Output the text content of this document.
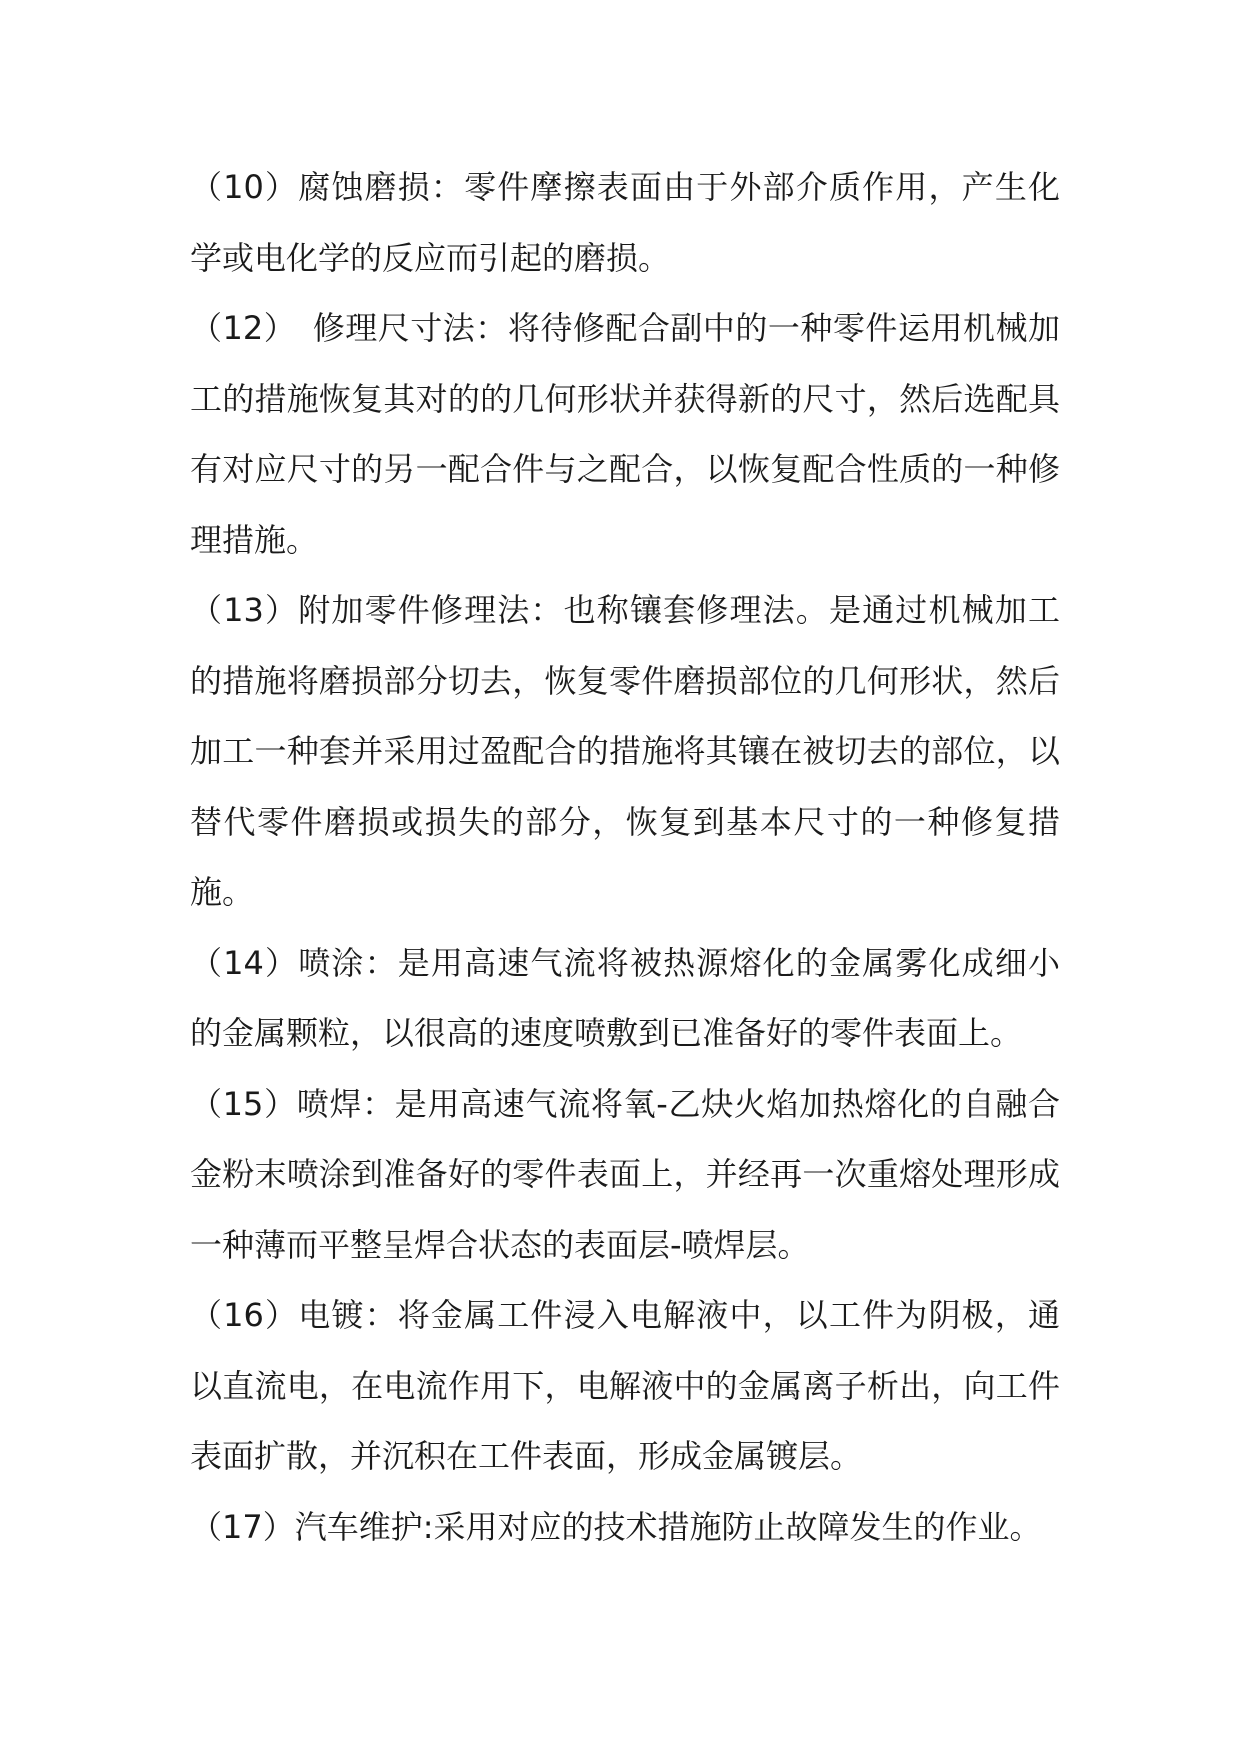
（10）腐蚀磨损：零件摩擦表面由于外部介质作用，产生化学或电化学的反应而引起的磨损。

（12）　修理尺寸法：将待修配合副中的一种零件运用机械加工的措施恢复其对的的几何形状并获得新的尺寸，然后选配具有对应尺寸的另一配合件与之配合，以恢复配合性质的一种修理措施。

（13）附加零件修理法：也称镶套修理法。是通过机械加工的措施将磨损部分切去，恢复零件磨损部位的几何形状，然后加工一种套并采用过盈配合的措施将其镶在被切去的部位，以替代零件磨损或损失的部分，恢复到基本尺寸的一种修复措施。

（14）喷涂：是用高速气流将被热源熔化的金属雾化成细小的金属颗粒，以很高的速度喷敷到已准备好的零件表面上。

（15）喷焊：是用高速气流将氧-乙炔火焰加热熔化的自融合金粉末喷涂到准备好的零件表面上，并经再一次重熔处理形成一种薄而平整呈焊合状态的表面层-喷焊层。

（16）电镀：将金属工件浸入电解液中，以工件为阴极，通以直流电，在电流作用下，电解液中的金属离子析出，向工件表面扩散，并沉积在工件表面，形成金属镀层。

（17）汽车维护:采用对应的技术措施防止故障发生的作业。
